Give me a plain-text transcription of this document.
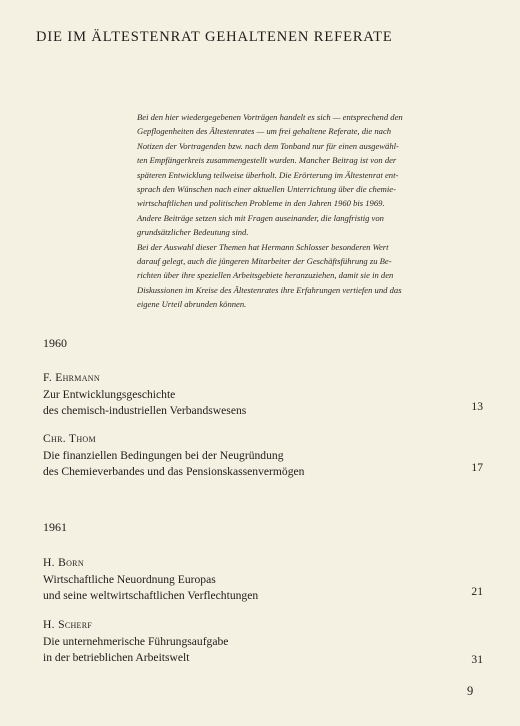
DIE IM ÄLTESTENRAT GEHALTENEN REFERATE
Bei den hier wiedergegebenen Vorträgen handelt es sich — entsprechend den
Gepflogenheiten des Ältestenrates — um frei gehaltene Referate, die nach
Notizen der Vortragenden bzw. nach dem Tonband nur für einen ausgewähl-
ten Empfängerkreis zusammengestellt wurden. Mancher Beitrag ist von der
späteren Entwicklung teilweise überholt. Die Erörterung im Ältestenrat ent-
sprach den Wünschen nach einer aktuellen Unterrichtung über die chemie-
wirtschaftlichen und politischen Probleme in den Jahren 1960 bis 1969.
Andere Beiträge setzen sich mit Fragen auseinander, die langfristig von
grundsätzlicher Bedeutung sind.
Bei der Auswahl dieser Themen hat Hermann Schlosser besonderen Wert
darauf gelegt, auch die jüngeren Mitarbeiter der Geschäftsführung zu Be-
richten über ihre speziellen Arbeitsgebiete heranzuziehen, damit sie in den
Diskussionen im Kreise des Ältestenrates ihre Erfahrungen vertiefen und das
eigene Urteil abrunden können.
1960
F. Ehrmann
Zur Entwicklungsgeschichte
des chemisch-industriellen Verbandswesens	13
Chr. Thom
Die finanziellen Bedingungen bei der Neugründung
des Chemieverbandes und das Pensionskassenvermögen	17
1961
H. Born
Wirtschaftliche Neuordnung Europas
und seine weltwirtschaftlichen Verflechtungen	21
H. Scherf
Die unternehmerische Führungsaufgabe
in der betrieblichen Arbeitswelt	31
9
